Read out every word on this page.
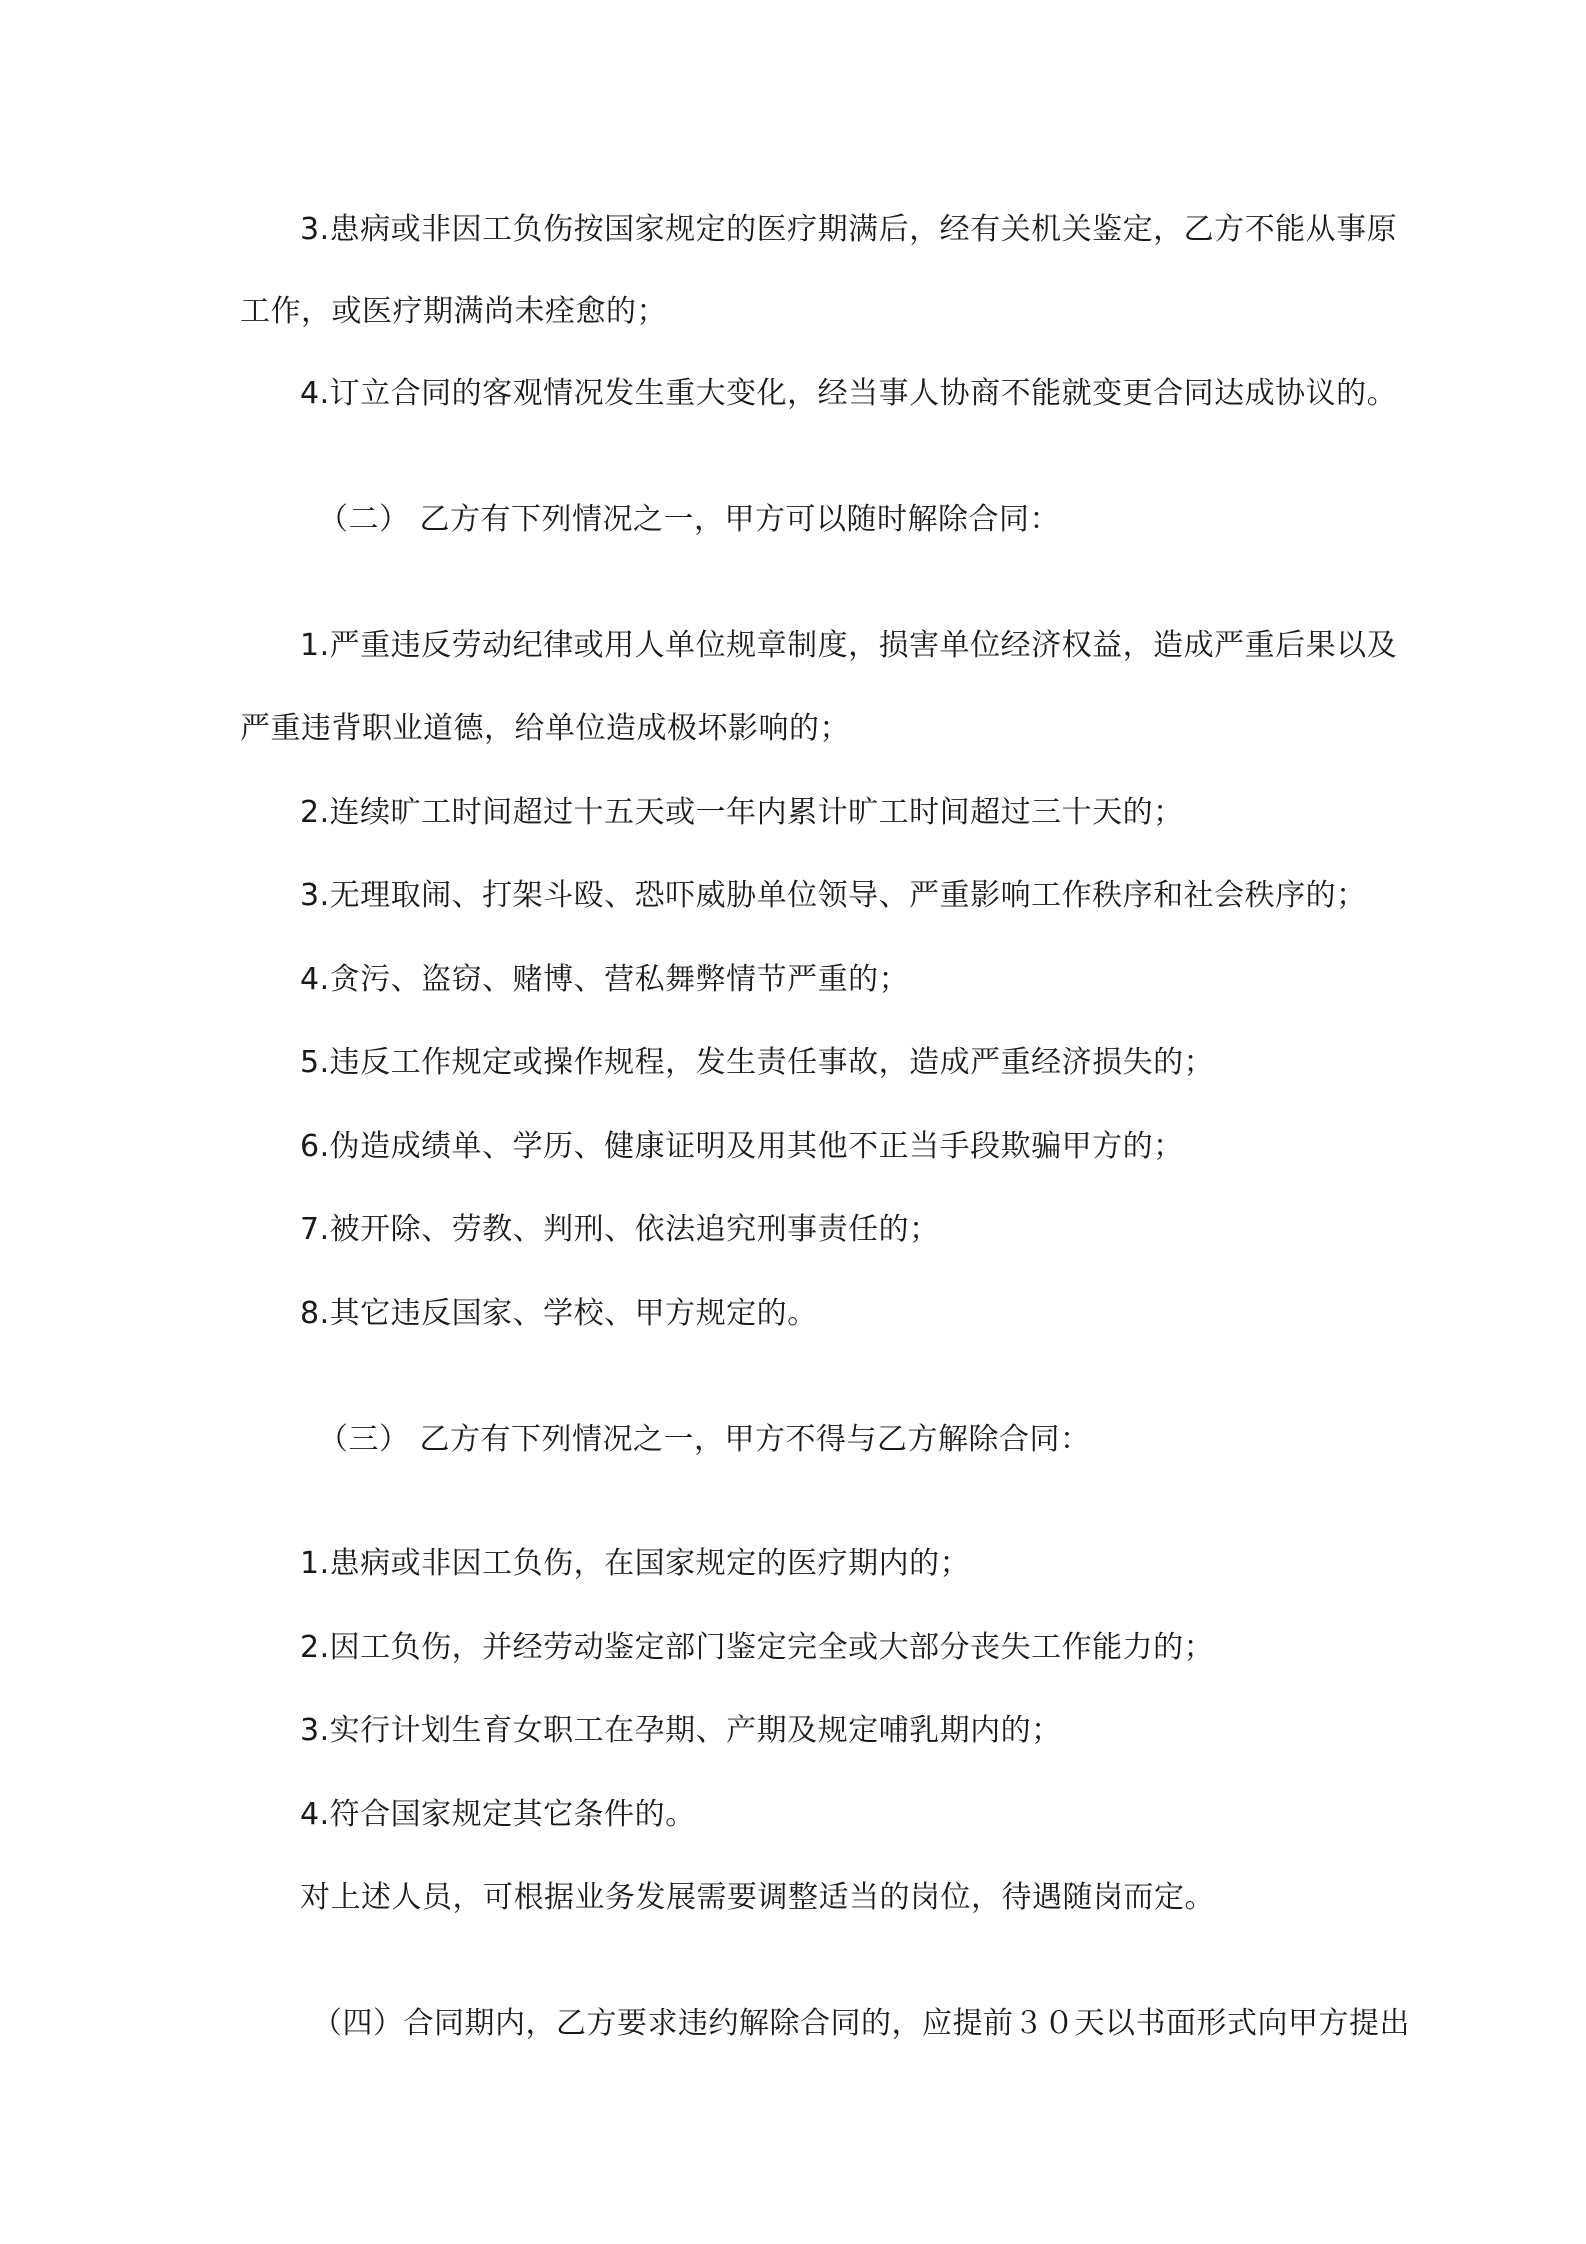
3.患病或非因工负伤按国家规定的医疗期满后，经有关机关鉴定，乙方不能从事原
工作，或医疗期满尚未痊愈的；
4.订立合同的客观情况发生重大变化，经当事人协商不能就变更合同达成协议的。
（二） 乙方有下列情况之一，甲方可以随时解除合同：
1.严重违反劳动纪律或用人单位规章制度，损害单位经济权益，造成严重后果以及
严重违背职业道德，给单位造成极坏影响的；
2.连续旷工时间超过十五天或一年内累计旷工时间超过三十天的；
3.无理取闹、打架斗殴、恐吓威胁单位领导、严重影响工作秩序和社会秩序的；
4.贪污、盗窃、赌博、营私舞弊情节严重的；
5.违反工作规定或操作规程，发生责任事故，造成严重经济损失的；
6.伪造成绩单、学历、健康证明及用其他不正当手段欺骗甲方的；
7.被开除、劳教、判刑、依法追究刑事责任的；
8.其它违反国家、学校、甲方规定的。
（三） 乙方有下列情况之一，甲方不得与乙方解除合同：
1.患病或非因工负伤，在国家规定的医疗期内的；
2.因工负伤，并经劳动鉴定部门鉴定完全或大部分丧失工作能力的；
3.实行计划生育女职工在孕期、产期及规定哺乳期内的；
4.符合国家规定其它条件的。
对上述人员，可根据业务发展需要调整适当的岗位，待遇随岗而定。
（四）合同期内，乙方要求违约解除合同的，应提前３０天以书面形式向甲方提出
